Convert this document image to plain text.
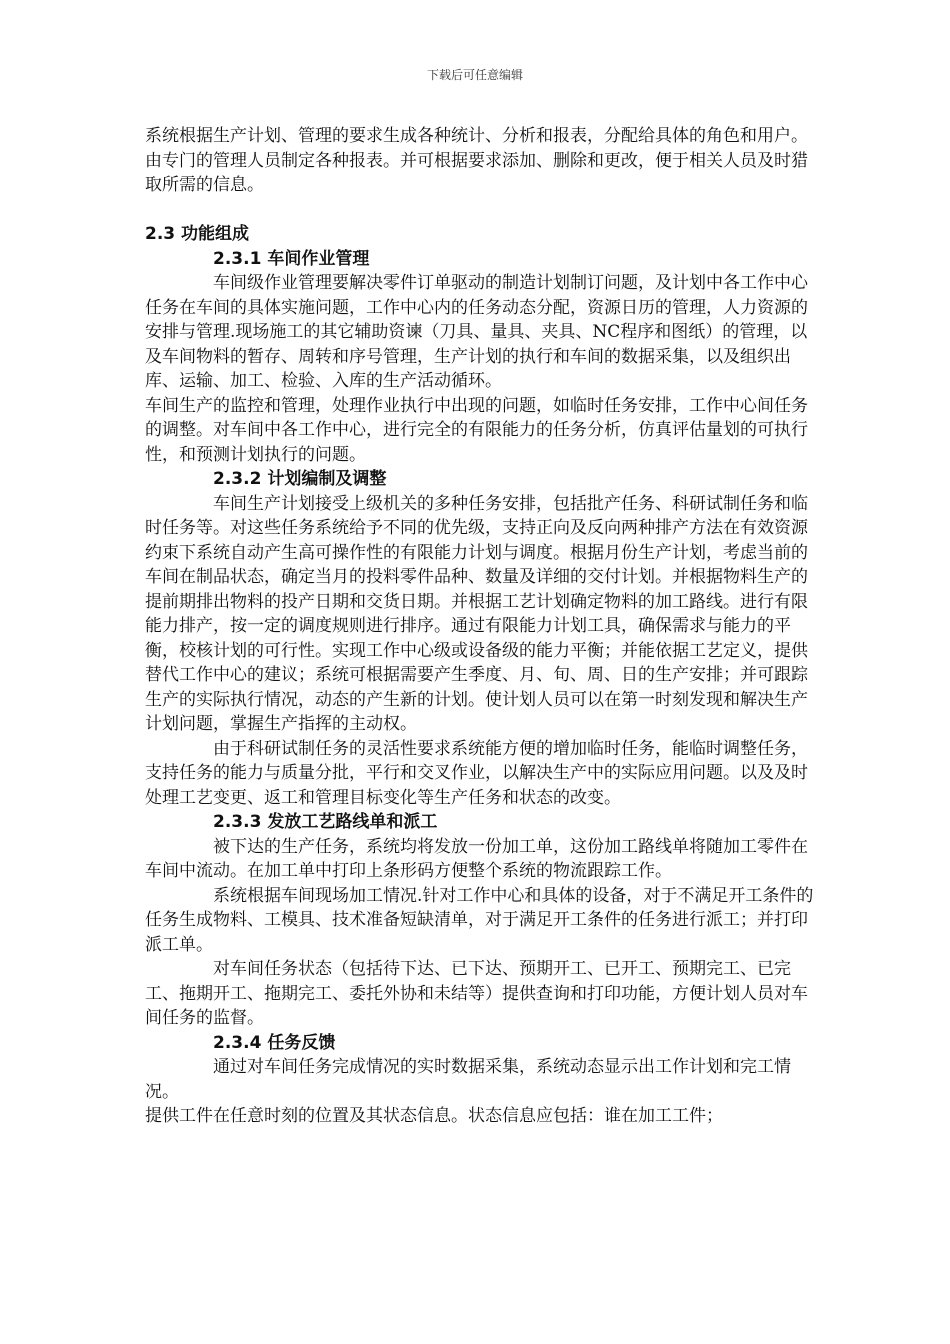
下载后可任意编辑

系统根据生产计划、管理的要求生成各种统计、分析和报表，分配给具体的角色和用户。由专门的管理人员制定各种报表。并可根据要求添加、删除和更改，便于相关人员及时猎取所需的信息。

2.3 功能组成

2.3.1 车间作业管理

车间级作业管理要解决零件订单驱动的制造计划制订问题，及计划中各工作中心任务在车间的具体实施问题，工作中心内的任务动态分配，资源日历的管理，人力资源的安排与管理.现场施工的其它辅助资谏（刀具、量具、夹具、NC程序和图纸）的管理，以及车间物料的暂存、周转和序号管理，生产计划的执行和车间的数据采集，以及组织出库、运输、加工、检验、入库的生产活动循环。

车间生产的监控和管理，处理作业执行中出现的问题，如临时任务安排，工作中心间任务的调整。对车间中各工作中心，进行完全的有限能力的任务分析，仿真评估量划的可执行性，和预测计划执行的问题。

2.3.2 计划编制及调整

车间生产计划接受上级机关的多种任务安排，包括批产任务、科研试制任务和临时任务等。对这些任务系统给予不同的优先级，支持正向及反向两种排产方法在有效资源约束下系统自动产生高可操作性的有限能力计划与调度。根据月份生产计划，考虑当前的车间在制品状态，确定当月的投料零件品种、数量及详细的交付计划。并根据物料生产的提前期排出物料的投产日期和交货日期。并根据工艺计划确定物料的加工路线。进行有限能力排产，按一定的调度规则进行排序。通过有限能力计划工具，确保需求与能力的平衡，校核计划的可行性。实现工作中心级或设备级的能力平衡；并能依据工艺定义，提供替代工作中心的建议；系统可根据需要产生季度、月、旬、周、日的生产安排；并可跟踪生产的实际执行情况，动态的产生新的计划。使计划人员可以在第一时刻发现和解决生产计划问题，掌握生产指挥的主动权。

由于科研试制任务的灵活性要求系统能方便的增加临时任务，能临时调整任务，支持任务的能力与质量分批，平行和交叉作业，以解决生产中的实际应用问题。以及及时处理工艺变更、返工和管理目标变化等生产任务和状态的改变。

2.3.3 发放工艺路线单和派工

被下达的生产任务，系统均将发放一份加工单，这份加工路线单将随加工零件在车间中流动。在加工单中打印上条形码方便整个系统的物流跟踪工作。

系统根据车间现场加工情况.针对工作中心和具体的设备，对于不满足开工条件的任务生成物料、工模具、技术准备短缺清单，对于满足开工条件的任务进行派工；并打印派工单。

对车间任务状态（包括待下达、已下达、预期开工、已开工、预期完工、已完工、拖期开工、拖期完工、委托外协和未结等）提供查询和打印功能，方便计划人员对车间任务的监督。

2.3.4 任务反馈

通过对车间任务完成情况的实时数据采集，系统动态显示出工作计划和完工情况。

提供工件在任意时刻的位置及其状态信息。状态信息应包括：谁在加工工件；
